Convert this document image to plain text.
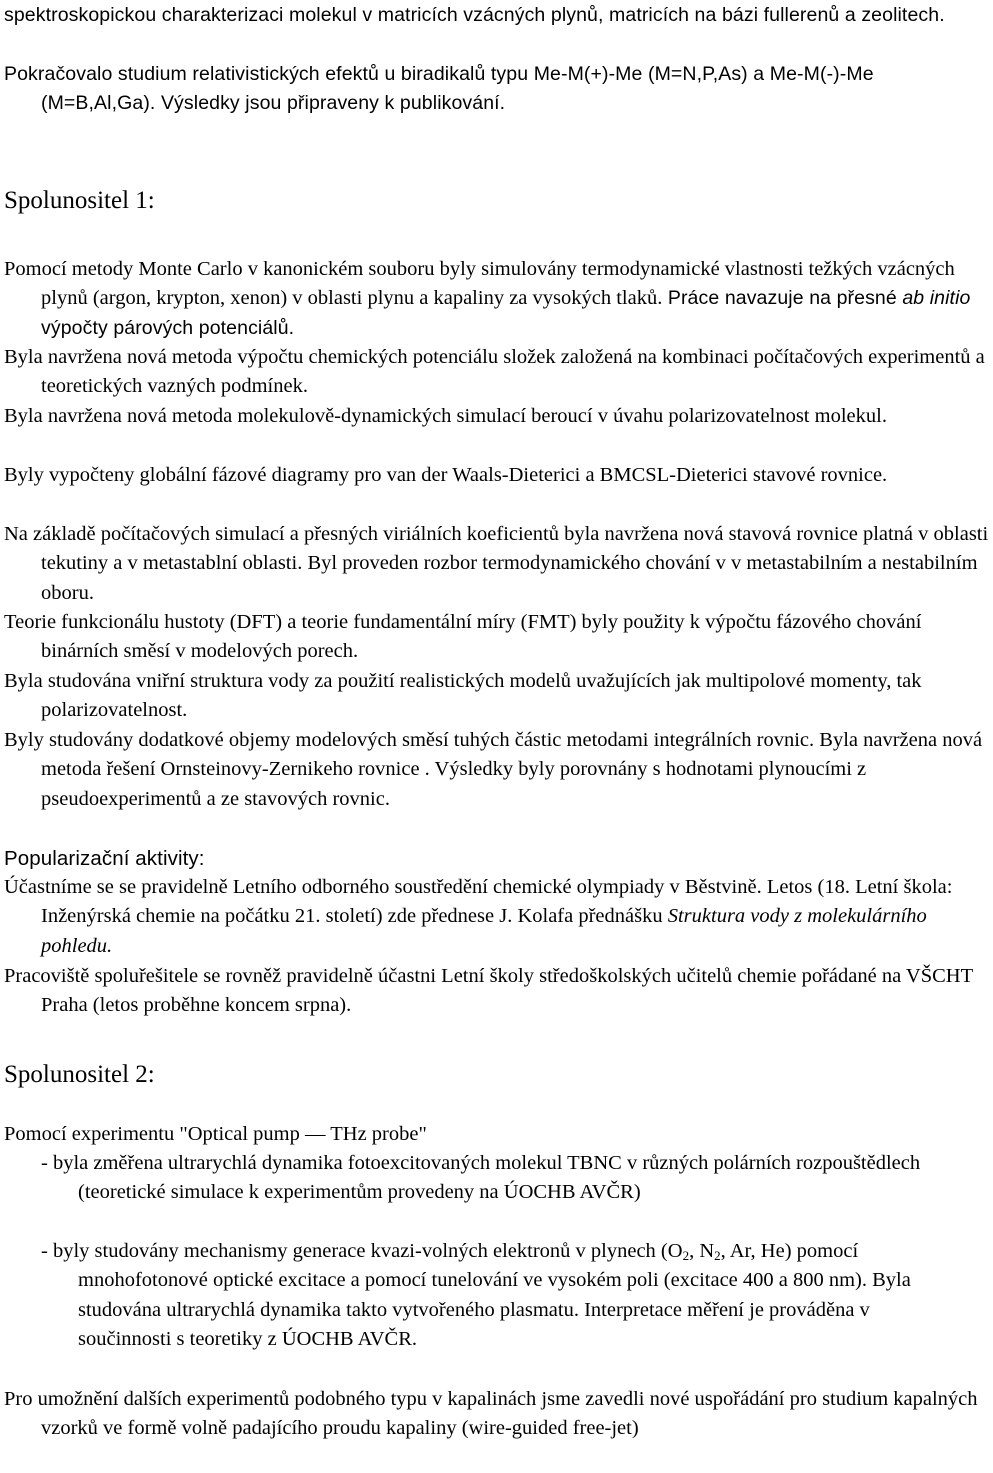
spektroskopickou charakterizaci molekul v matricích vzácných plynů, matricích na bázi fullerenů a zeolitech.

Pokračovalo studium relativistických efektů u biradikalů typu Me-M(+)-Me (M=N,P,As) a Me-M(-)-Me (M=B,Al,Ga). Výsledky jsou připraveny k publikování.

Spolunositel 1:

Pomocí metody Monte Carlo v kanonickém souboru byly simulovány termodynamické vlastnosti težkých vzácných plynů (argon, krypton, xenon) v oblasti plynu a kapaliny za vysokých tlaků. Práce navazuje na přesné ab initio výpočty párových potenciálů.

Byla navržena nová metoda výpočtu chemických potenciálu složek založená na kombinaci počítačových experimentů a teoretických vazných podmínek.

Byla navržena nová metoda molekulově-dynamických simulací beroucí v úvahu polarizovatelnost molekul.

Byly vypočteny globální fázové diagramy pro van der Waals-Dieterici a BMCSL-Dieterici stavové rovnice.

Na základě počítačových simulací a přesných viriálních koeficientů byla navržena nová stavová rovnice platná v oblasti tekutiny a v metastablní oblasti. Byl proveden rozbor termodynamického chování v v metastabilním a nestabilním oboru.

Teorie funkcionálu hustoty (DFT) a teorie fundamentální míry (FMT) byly použity k výpočtu fázového chování binárních směsí v modelových porech.

Byla studována vniřní struktura vody za použití realistických modelů uvažujících jak multipolové momenty, tak polarizovatelnost.

Byly studovány dodatkové objemy modelových směsí tuhých částic metodami integrálních rovnic. Byla navržena nová metoda řešení Ornsteinovy-Zernikeho rovnice . Výsledky byly porovnány s hodnotami plynoucími z pseudoexperimentů a ze stavových rovnic.

Popularizační aktivity:

Účastníme se se pravidelně Letního odborného soustředění chemické olympiady v Běstvině. Letos (18. Letní škola: Inženýrská chemie na počátku 21. století) zde přednese J. Kolafa přednášku Struktura vody z molekulárního pohledu.

Pracoviště spoluřešitele se rovněž pravidelně účastni Letní školy středoškolských učitelů chemie pořádané na VŠCHT Praha (letos proběhne koncem srpna).

Spolunositel 2:

Pomocí experimentu "Optical pump –– THz probe"

- byla změřena ultrarychlá dynamika fotoexcitovaných molekul TBNC v různých polárních rozpouštědlech (teoretické simulace k experimentům provedeny na ÚOCHB AVČR)

- byly studovány mechanismy generace kvazi-volných elektronů v plynech ($O_2$, $N_2$, Ar, He) pomocí mnohofotonové optické excitace a pomocí tunelování ve vysokém poli (excitace 400 a 800 nm). Byla studována ultrarychlá dynamika takto vytvořeného plasmatu. Interpretace měření je prováděna v součinnosti s teoretiky z ÚOCHB AVČR.

Pro umožnění dalších experimentů podobného typu v kapalinách jsme zavedli nové uspořádání pro studium kapalných vzorků ve formě volně padajícího proudu kapaliny (wire-guided free-jet)
